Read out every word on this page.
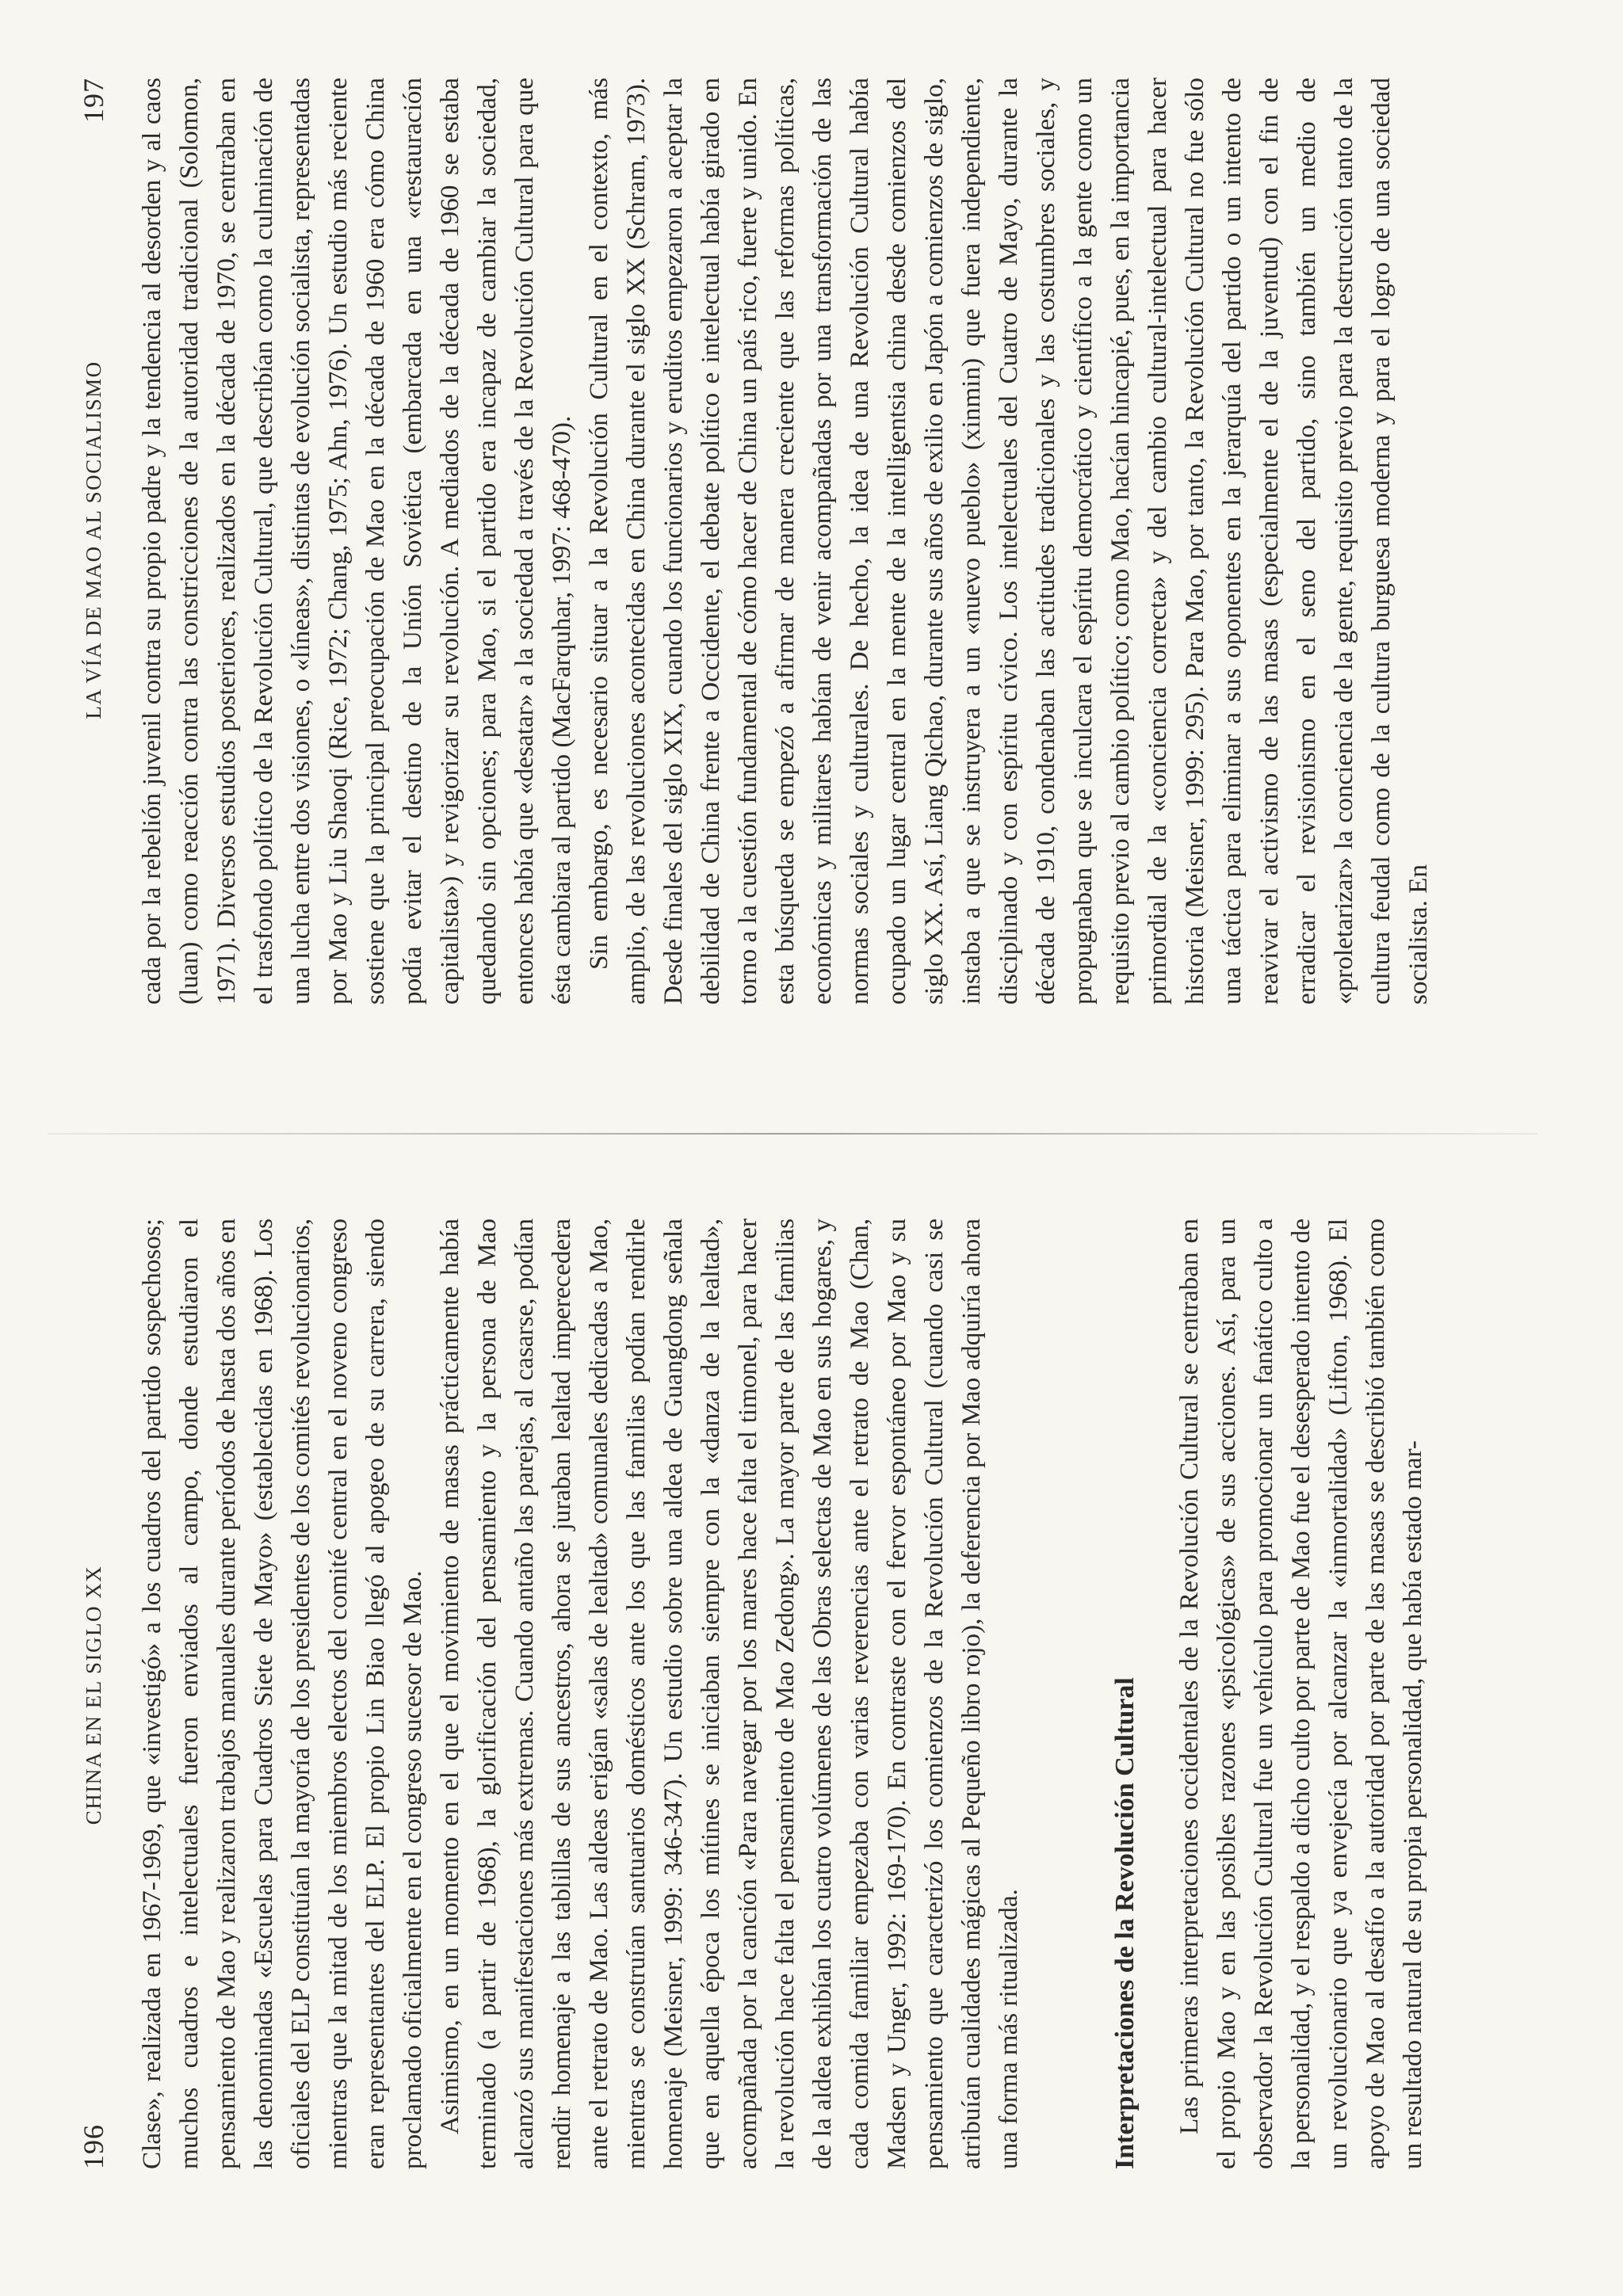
196
CHINA EN EL SIGLO XX Clase», realizada en 1967-1969, que «investigó» a los cuadros del partido sospechosos; muchos cuadros e intelectuales fueron enviados al campo, donde estudiaron el pensamiento de Mao y realizaron trabajos manuales durante períodos de hasta dos años en las denominadas «Escuelas para Cuadros Siete de Mayo» (establecidas en 1968). Los oficiales del ELP constituían la mayoría de los presidentes de los comités revolucionarios, mientras que la mitad de los miembros electos del comité central en el noveno congreso eran representantes del ELP. El propio Lin Biao llegó al apogeo de su carrera, siendo proclamado oficialmente en el congreso sucesor de Mao. Asimismo, en un momento en el que el movimiento de masas prácticamente había terminado (a partir de 1968), la glorificación del pensamiento y la persona de Mao alcanzó sus manifestaciones más extremas. Cuando antaño las parejas, al casarse, podían rendir homenaje a las tablillas de sus ancestros, ahora se juraban lealtad imperecedera ante el retrato de Mao. Las aldeas erigían «salas de lealtad» comunales dedicadas a Mao, mientras se construían santuarios domésticos ante los que las familias podían rendirle homenaje (Meisner, 1999: 346-347). Un estudio sobre una aldea de Guangdong señala que en aquella época los mítines se iniciaban siempre con la «danza de la lealtad», acompañada por la canción «Para navegar por los mares hace falta el timonel, para hacer la revolución hace falta el pensamiento de Mao Zedong». La mayor parte de las familias de la aldea exhibían los cuatro volúmenes de las Obras selectas de Mao en sus hogares, y cada comida familiar empezaba con varias reverencias ante el retrato de Mao (Chan, Madsen y Unger, 1992: 169-170). En contraste con el fervor espontáneo por Mao y su pensamiento que caracterizó los comienzos de la Revolución Cultural (cuando casi se atribuían cualidades mágicas al Pequeño libro rojo), la deferencia por Mao adquiría ahora una forma más ritualizada.	Interpretaciones de la Revolución Cultural Las primeras interpretaciones occidentales de la Revolución Cultural se centraban en el propio Mao y en las posibles razones «psicológicas» de sus acciones. Así, para un observador la Revolución Cultural fue un vehículo para promocionar un fanático culto a la personalidad, y el respaldo a dicho culto por parte de Mao fue el desesperado intento de un revolucionario que ya envejecía por alcanzar la «inmortalidad» (Lifton, 1968). El apoyo de Mao al desafío a la autoridad por parte de las masas se describió también como un resultado natural de su propia personalidad, que había estado mar-

LA VÍA DE MAO AL SOCIALISMO
197 cada por la rebelión juvenil contra su propio padre y la tendencia al desorden y al caos (luan) como reacción contra las constricciones de la autoridad tradicional (Solomon, 1971). Diversos estudios posteriores, realizados en la década de 1970, se centraban en el trasfondo político de la Revolución Cultural, que describían como la culminación de una lucha entre dos visiones, o «líneas», distintas de evolución socialista, representadas por Mao y Liu Shaoqi (Rice, 1972; Chang, 1975; Ahn, 1976). Un estudio más reciente sostiene que la principal preocupación de Mao en la década de 1960 era cómo China podía evitar el destino de la Unión Soviética (embarcada en una «restauración capitalista») y revigorizar su revolución. A mediados de la década de 1960 se estaba quedando sin opciones; para Mao, si el partido era incapaz de cambiar la sociedad, entonces había que «desatar» a la sociedad a través de la Revolución Cultural para que ésta cambiara al partido (MacFarquhar, 1997: 468-470). Sin embargo, es necesario situar a la Revolución Cultural en el contexto, más amplio, de las revoluciones acontecidas en China durante el siglo XX (Schram, 1973). Desde finales del siglo XIX, cuando los funcionarios y eruditos empezaron a aceptar la debilidad de China frente a Occidente, el debate político e intelectual había girado en torno a la cuestión fundamental de cómo hacer de China un país rico, fuerte y unido. En esta búsqueda se empezó a afirmar de manera creciente que las reformas políticas, económicas y militares habían de venir acompañadas por una transformación de las normas sociales y culturales. De hecho, la idea de una Revolución Cultural había ocupado un lugar central en la mente de la intelligentsia china desde comienzos del siglo XX. Así, Liang Qichao, durante sus años de exilio en Japón a comienzos de siglo, instaba a que se instruyera a un «nuevo pueblo» (xinmin) que fuera independiente, disciplinado y con espíritu cívico. Los intelectuales del Cuatro de Mayo, durante la década de 1910, condenaban las actitudes tradicionales y las costumbres sociales, y propugnaban que se inculcara el espíritu democrático y científico a la gente como un requisito previo al cambio político; como Mao, hacían hincapié, pues, en la importancia primordial de la «conciencia correcta» y del cambio cultural-intelectual para hacer historia (Meisner, 1999: 295). Para Mao, por tanto, la Revolución Cultural no fue sólo una táctica para eliminar a sus oponentes en la jerarquía del partido o un intento de reavivar el activismo de las masas (especialmente el de la juventud) con el fin de erradicar el revisionismo en el seno del partido, sino también un medio de «proletarizar» la conciencia de la gente, requisito previo para la destrucción tanto de la cultura feudal como de la cultura burguesa moderna y para el logro de una sociedad socialista. En
